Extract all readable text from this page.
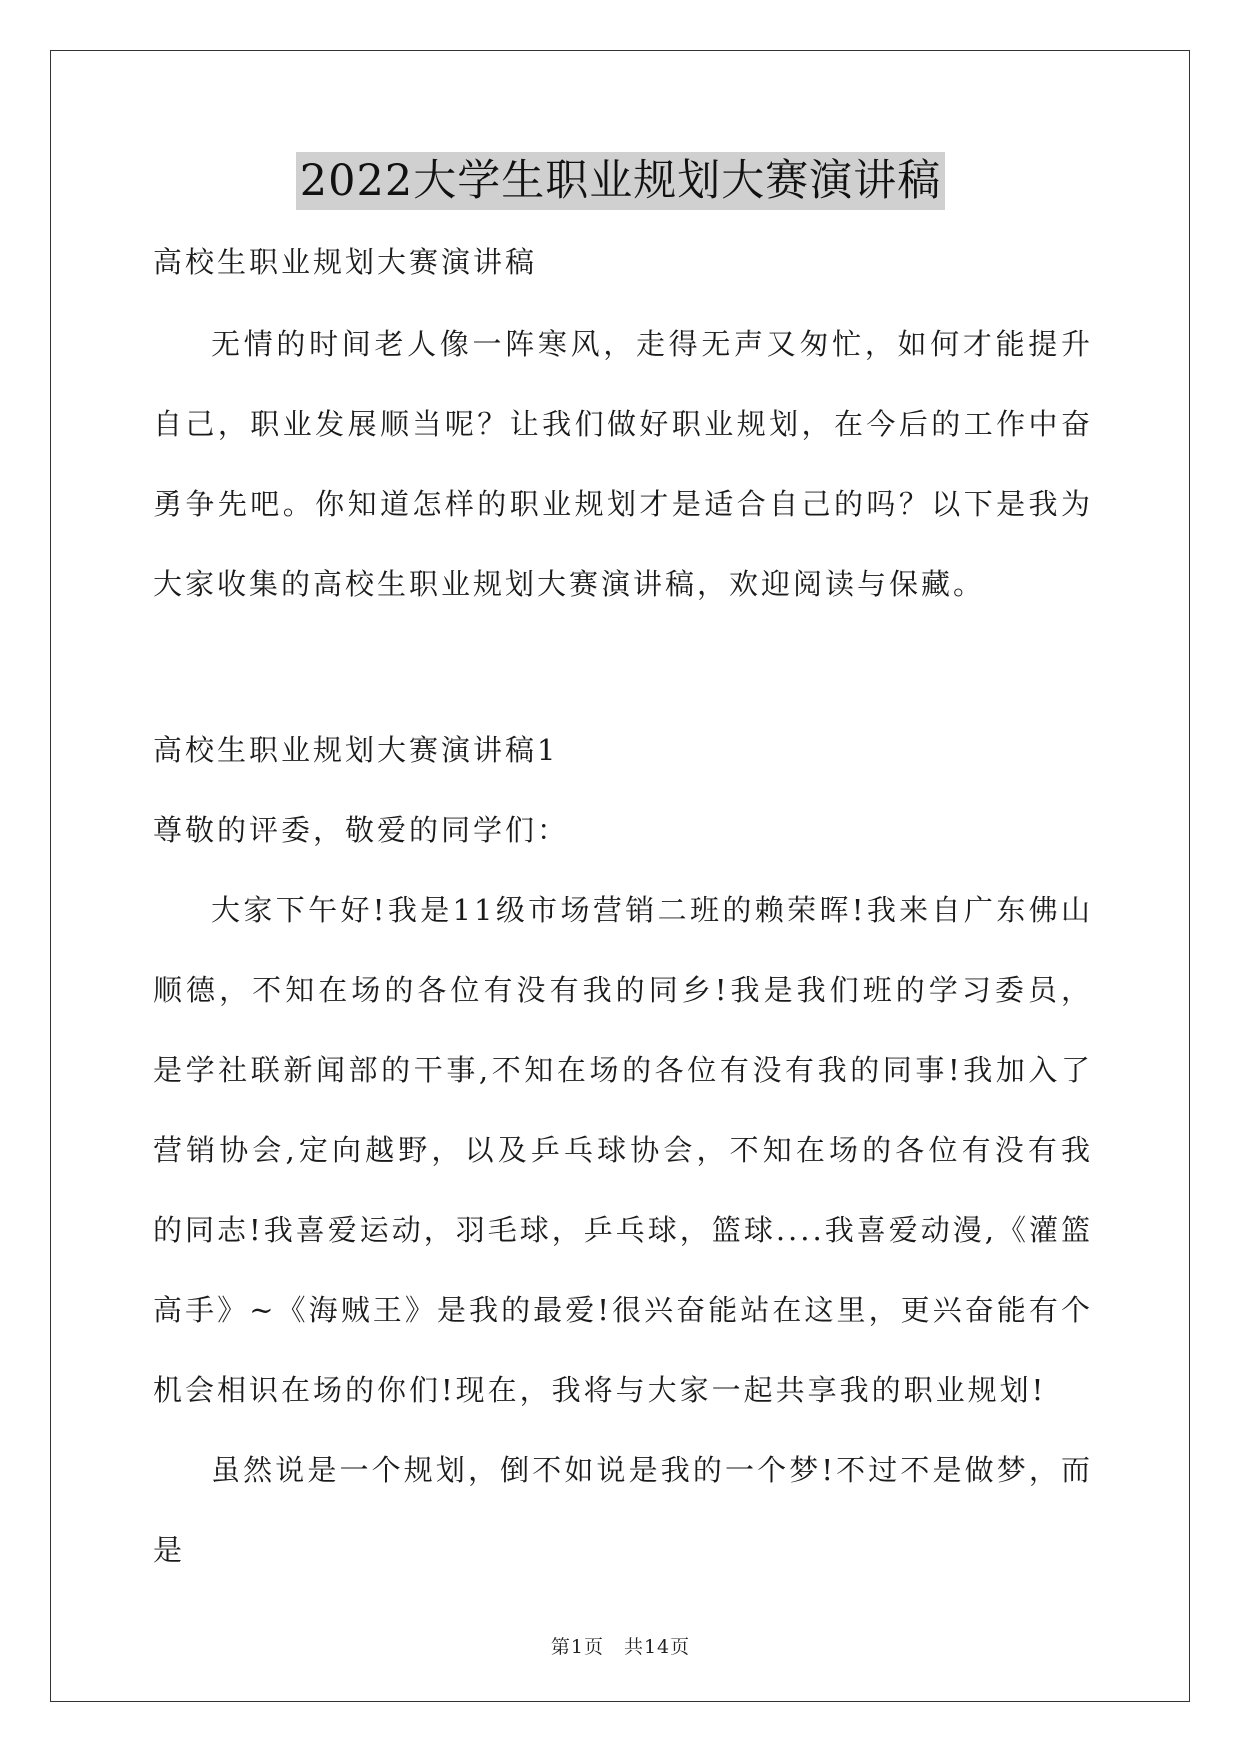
2022大学生职业规划大赛演讲稿

高校生职业规划大赛演讲稿

无情的时间老人像一阵寒风，走得无声又匆忙，如何才能提升自己，职业发展顺当呢？让我们做好职业规划，在今后的工作中奋勇争先吧。你知道怎样的职业规划才是适合自己的吗？以下是我为大家收集的高校生职业规划大赛演讲稿，欢迎阅读与保藏。

高校生职业规划大赛演讲稿1

尊敬的评委，敬爱的同学们：

大家下午好!我是11级市场营销二班的赖荣晖!我来自广东佛山顺德，不知在场的各位有没有我的同乡!我是我们班的学习委员，是学社联新闻部的干事,不知在场的各位有没有我的同事!我加入了营销协会,定向越野，以及乒乓球协会，不知在场的各位有没有我的同志!我喜爱运动，羽毛球，乒乓球，篮球....我喜爱动漫,《灌篮高手》~《海贼王》是我的最爱!很兴奋能站在这里，更兴奋能有个机会相识在场的你们!现在，我将与大家一起共享我的职业规划!

虽然说是一个规划，倒不如说是我的一个梦!不过不是做梦，而是

第1页　共14页
